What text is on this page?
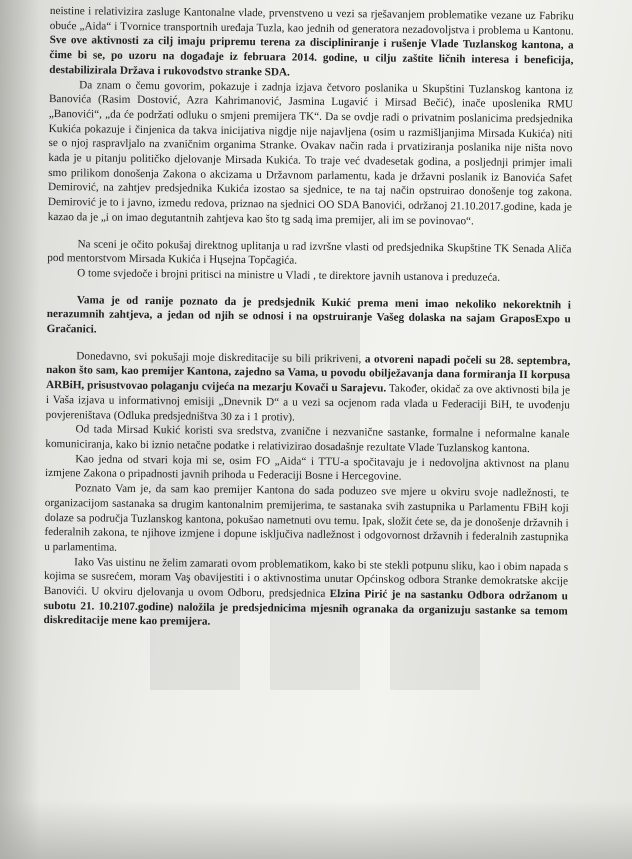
neistine i relativizira zasluge Kantonalne vlade, prvenstveno u vezi sa rješavanjem problematike vezane uz Fabriku obuće „Aida“ i Tvornice transportnih uređaja Tuzla, kao jednih od generatora nezadovoljstva i problema u Kantonu. Sve ove aktivnosti za cilj imaju pripremu terena za discipliniranje i rušenje Vlade Tuzlanskog kantona, a čime bi se, po uzoru na događaje iz februara 2014. godine, u cilju zaštite ličnih interesa i beneficija, destabilizirala Država i rukovodstvo stranke SDA.

Da znam o čemu govorim, pokazuje i zadnja izjava četvoro poslanika u Skupštini Tuzlanskog kantona iz Banovića (Rasim Dostović, Azra Kahrimanović, Jasmina Lugavić i Mirsad Bečić), inače uposlenika RMU „Banovići“, „da će podržati odluku o smjeni premijera TK“. Da se ovdje radi o privatnim poslanicima predsjednika Kukića pokazuje i činjenica da takva inicijativa nigdje nije najavljena (osim u razmišljanjima Mirsada Kukića) niti se o njoj raspravljalo na zvaničnim organima Stranke. Ovakav način rada i prvatiziranja poslanika nije ništa novo kada je u pitanju političko djelovanje Mirsada Kukića. To traje već dvadesetak godina, a posljednji primjer imali smo prilikom donošenja Zakona o akcizama u Državnom parlamentu, kada je državni poslanik iz Banovića Safet Demirović, na zahtjev predsjednika Kukića izostao sa sjednice, te na taj način opstruirao donošenje tog zakona. Demirović je to i javno, izmedu redova, priznao na sjednici OO SDA Banovići, održanoj 21.10.2017.godine, kada je kazao da je „i on imao degutantnih zahtjeva kao što tg sadą ima premijer, ali im se povinovao“.

Na sceni je očito pokušaj direktnog uplitanja u rad izvršne vlasti od predsjednika Skupštine TK Senada Aliča pod mentorstvom Mirsada Kukića i Hųsejna Topčagića.

O tome svjedoče i brojni pritisci na ministre u Vladi , te direktore javnih ustanova i preduzeća.

Vama je od ranije poznato da je predsjednik Kukić prema meni imao nekoliko nekorektnih i nerazumnih zahtjeva, a jedan od njih se odnosi i na opstruiranje Vašeg dolaska na sajam GraposExpo u Gračanici.

Donedavno, svi pokušaji moje diskreditacije su bili prikriveni, a otvoreni napadi počeli su 28. septembra, nakon što sam, kao premijer Kantona, zajedno sa Vama, u povodu obilježavanja dana formiranja II korpusa ARBiH, prisustvovao polaganju cvijeća na mezarju Kovači u Sarajevu. Također, okidač za ove aktivnosti bila je i Vaša izjava u informativnoj emisiji „Dnevnik D“ a u vezi sa ocjenom rada vlada u Federaciji BiH, te uvođenju povjereništava (Odluka predsjedništva 30 za i 1 protiv).

Od tada Mirsad Kukić koristi sva sredstva, zvanične i nezvanične sastanke, formalne i neformalne kanale komuniciranja, kako bi iznio netačne podatke i relativizirao dosadašnje rezultate Vlade Tuzlanskog kantona.

Kao jedna od stvari koja mi se, osim FO „Aida“ i TTU-a spočitavaju je i nedovoljna aktivnost na planu izmjene Zakona o pripadnosti javnih prihoda u Federaciji Bosne i Hercegovine.

Poznato Vam je, da sam kao premijer Kantona do sada poduzeo sve mjere u okviru svoje nadležnosti, te organizacijom sastanaka sa drugim kantonalnim premijerima, te sastanaka svih zastupnika u Parlamentu FBiH koji dolaze sa područja Tuzlanskog kantona, pokušao nametnuti ovu temu. Ipak, složit ćete se, da je donošenje državnih i federalnih zakona, te njihove izmjene i dopune isključiva nadležnost i odgovornost državnih i federalnih zastupnika u parlamentima.

Iako Vas uistinu ne želim zamarati ovom problematikom, kako bi ste stekli potpunu sliku, kao i obim napada s kojima se susrećem, moram Vaş obavijestiti i o aktivnostima unutar Općinskog odbora Stranke demokratske akcije Banovići. U okviru djelovanja u ovom Odboru, predsjednica Elzina Pirić je na sastanku Odbora održanom u subotu 21. 10.2107.godine) naložila je predsjednicima mjesnih ogranaka da organizuju sastanke sa temom diskreditacije mene kao premijera.
